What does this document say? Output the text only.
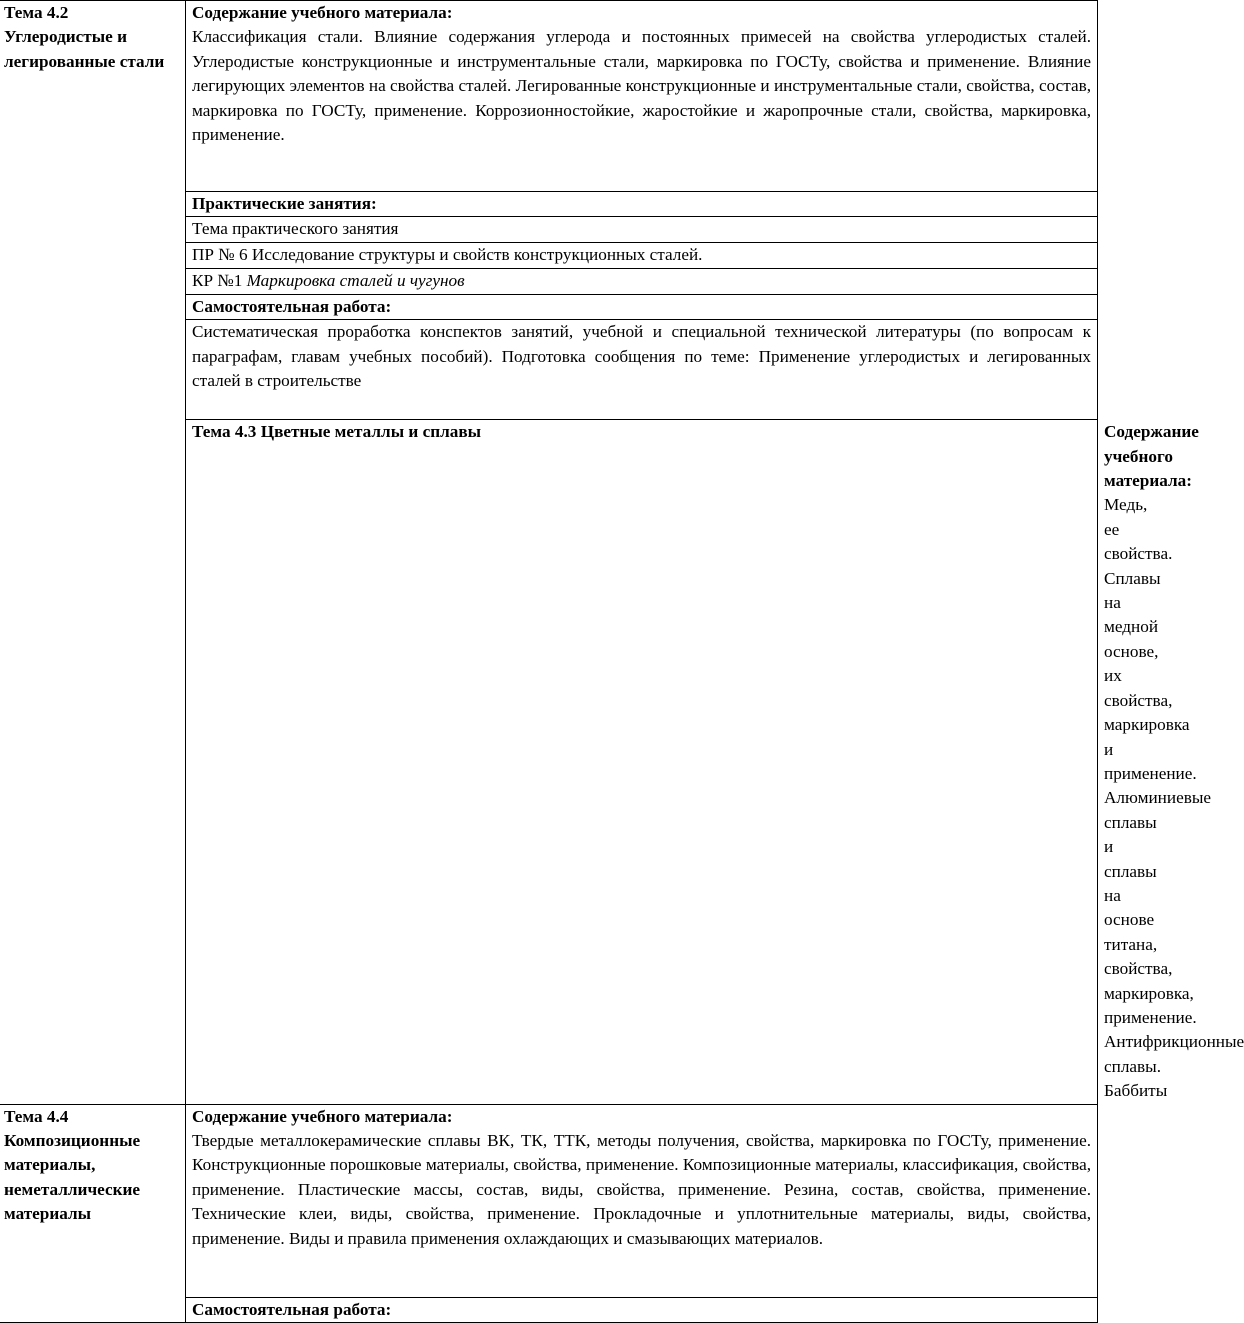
Тема 4.2 Углеродистые и легированные стали	Содержание учебного материала:
Классификация стали. Влияние содержания углерода и постоянных примесей на свойства углеродистых сталей. Углеродистые конструкционные и инструментальные стали, маркировка по ГОСТу, свойства и применение. Влияние легирующих элементов на свойства сталей. Легированные конструкционные и инструментальные стали, свойства, состав, маркировка по ГОСТу, применение. Коррозионностойкие, жаростойкие и жаропрочные стали, свойства, маркировка, применение.	

	Практические занятия:	
	Тема практического занятия	
	ПР № 6 Исследование структуры и свойств конструкционных сталей.	
	КР №1 Маркировка сталей и чугунов	
	Самостоятельная работа:	
	Систематическая проработка конспектов занятий, учебной и специальной технической литературы (по вопросам к параграфам, главам учебных пособий). Подготовка сообщения по теме: Применение углеродистых и легированных сталей в строительстве	
	Тема 4.3 Цветные металлы и сплавы	Содержание учебного материала:
Медь, ее свойства. Сплавы на медной основе, их свойства, маркировка и применение. Алюминиевые сплавы и сплавы на основе титана, свойства, маркировка, применение. Антифрикционные сплавы. Баббиты

Тема 4.4 Композиционные материалы, неметаллические материалы	Содержание учебного материала:
Твердые металлокерамические сплавы ВК, ТК, ТТК, методы получения, свойства, маркировка по ГОСТу, применение. Конструкционные порошковые материалы, свойства, применение. Композиционные материалы, классификация, свойства, применение. Пластические массы, состав, виды, свойства, применение. Резина, состав, свойства, применение. Технические клеи, виды, свойства, применение. Прокладочные и уплотнительные материалы, виды, свойства, применение. Виды и правила применения охлаждающих и смазывающих материалов.	

	Самостоятельная работа:	
